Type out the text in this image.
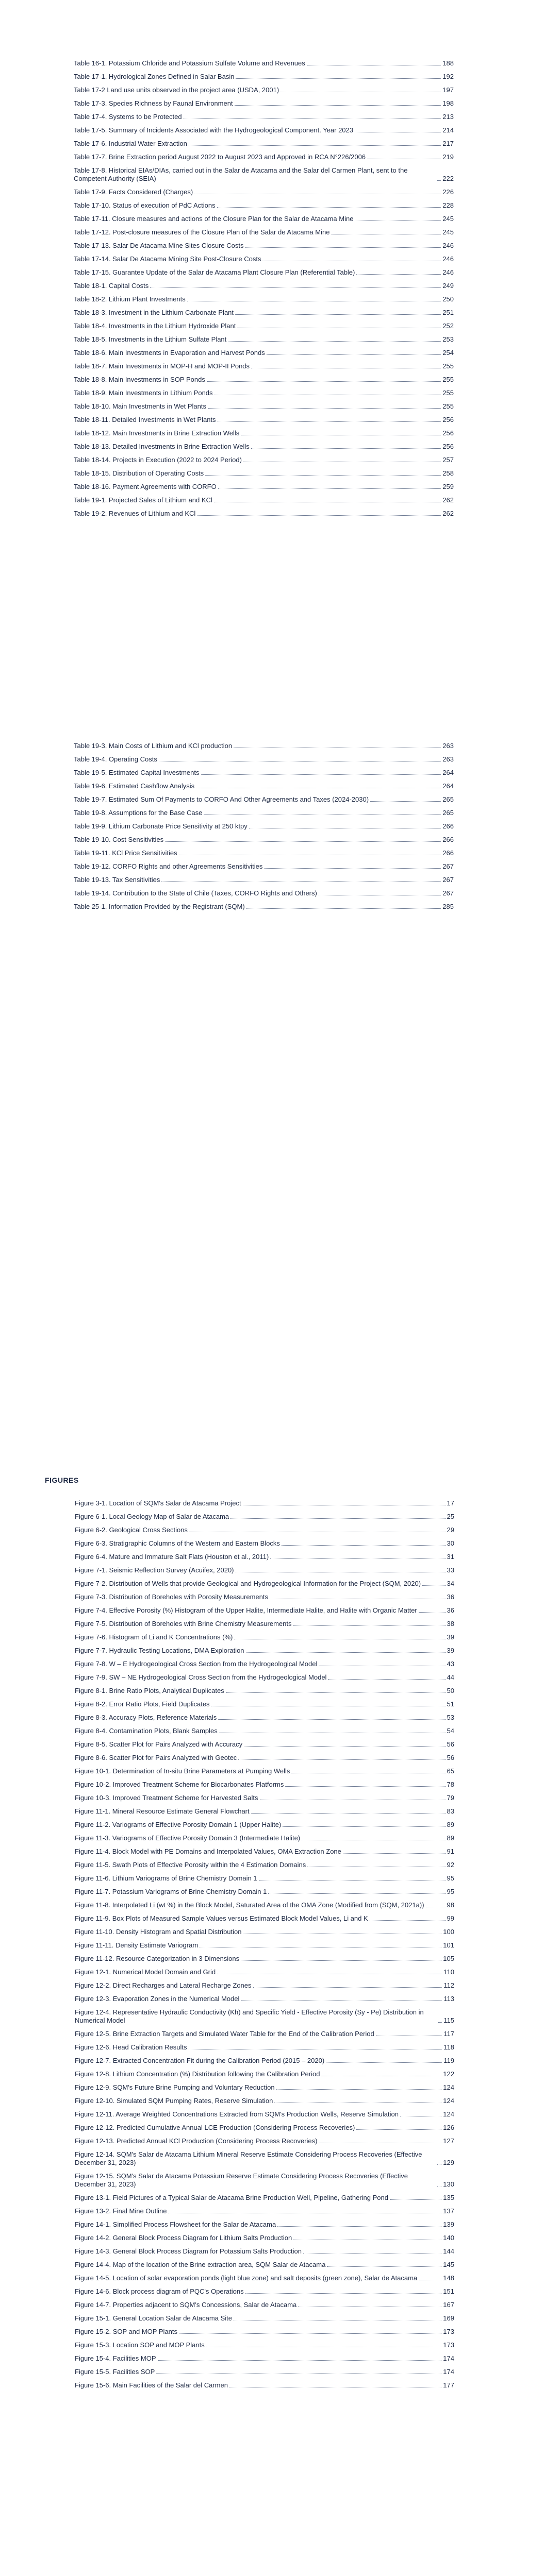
Table 16-1. Potassium Chloride and Potassium Sulfate Volume and Revenues	188
Table 17-1. Hydrological Zones Defined in Salar Basin	192
Table 17-2 Land use units observed in the project area (USDA, 2001)	197
Table 17-3. Species Richness by Faunal Environment	198
Table 17-4. Systems to be Protected	213
Table 17-5. Summary of Incidents Associated with the Hydrogeological Component. Year 2023	214
Table 17-6. Industrial Water Extraction	217
Table 17-7. Brine Extraction period August 2022 to August 2023 and Approved in RCA N°226/2006	219
Table 17-8. Historical EIAs/DIAs, carried out in the Salar de Atacama and the Salar del Carmen Plant, sent to the Competent Authority (SEIA)	222
Table 17-9. Facts Considered (Charges)	226
Table 17-10. Status of execution of PdC Actions	228
Table 17-11. Closure measures and actions of the Closure Plan for the Salar de Atacama Mine	245
Table 17-12. Post-closure measures of the Closure Plan of the Salar de Atacama Mine	245
Table 17-13. Salar De Atacama Mine Sites Closure Costs	246
Table 17-14. Salar De Atacama Mining Site Post-Closure Costs	246
Table 17-15. Guarantee Update of the Salar de Atacama Plant Closure Plan (Referential Table)	246
Table 18-1. Capital Costs	249
Table 18-2. Lithium Plant Investments	250
Table 18-3. Investment in the Lithium Carbonate Plant	251
Table 18-4. Investments in the Lithium Hydroxide Plant	252
Table 18-5. Investments in the Lithium Sulfate Plant	253
Table 18-6. Main Investments in Evaporation and Harvest Ponds	254
Table 18-7. Main Investments in MOP-H and MOP-II Ponds	255
Table 18-8. Main Investments in SOP Ponds	255
Table 18-9. Main Investments in Lithium Ponds	255
Table 18-10. Main Investments in Wet Plants	255
Table 18-11. Detailed Investments in Wet Plants	256
Table 18-12. Main Investments in Brine Extraction Wells	256
Table 18-13. Detailed Investments in Brine Extraction Wells	256
Table 18-14. Projects in Execution (2022 to 2024 Period)	257
Table 18-15. Distribution of Operating Costs	258
Table 18-16. Payment Agreements with CORFO	259
Table 19-1. Projected Sales of Lithium and KCl	262
Table 19-2. Revenues of Lithium and KCl	262
Table 19-3. Main Costs of Lithium and KCl production	263
Table 19-4. Operating Costs	263
Table 19-5. Estimated Capital Investments	264
Table 19-6. Estimated Cashflow Analysis	264
Table 19-7. Estimated Sum Of Payments to CORFO And Other Agreements and Taxes (2024-2030)	265
Table 19-8. Assumptions for the Base Case	265
Table 19-9. Lithium Carbonate Price Sensitivity at 250 ktpy	266
Table 19-10. Cost Sensitivities	266
Table 19-11. KCl Price Sensitivities	266
Table 19-12. CORFO Rights and other Agreements Sensitivities	267
Table 19-13. Tax Sensitivities	267
Table 19-14. Contribution to the State of Chile (Taxes, CORFO Rights and Others)	267
Table 25-1. Information Provided by the Registrant (SQM)	285
FIGURES
Figure 3-1. Location of SQM's Salar de Atacama Project	17
Figure 6-1. Local Geology Map of Salar de Atacama	25
Figure 6-2. Geological Cross Sections	29
Figure 6-3. Stratigraphic Columns of the Western and Eastern Blocks	30
Figure 6-4. Mature and Immature Salt Flats (Houston et al., 2011)	31
Figure 7-1. Seismic Reflection Survey (Acuifex, 2020)	33
Figure 7-2. Distribution of Wells that provide Geological and Hydrogeological Information for the Project (SQM, 2020)	34
Figure 7-3. Distribution of Boreholes with Porosity Measurements	36
Figure 7-4. Effective Porosity (%) Histogram of the Upper Halite, Intermediate Halite, and Halite with Organic Matter	36
Figure 7-5. Distribution of Boreholes with Brine Chemistry Measurements	38
Figure 7-6. Histogram of Li and K Concentrations (%)	39
Figure 7-7. Hydraulic Testing Locations, DMA Exploration	39
Figure 7-8. W – E Hydrogeological Cross Section from the Hydrogeological Model	43
Figure 7-9. SW – NE Hydrogeological Cross Section from the Hydrogeological Model	44
Figure 8-1. Brine Ratio Plots, Analytical Duplicates	50
Figure 8-2. Error Ratio Plots, Field Duplicates	51
Figure 8-3. Accuracy Plots, Reference Materials	53
Figure 8-4. Contamination Plots, Blank Samples	54
Figure 8-5. Scatter Plot for Pairs Analyzed with Accuracy	56
Figure 8-6. Scatter Plot for Pairs Analyzed with Geotec	56
Figure 10-1. Determination of In-situ Brine Parameters at Pumping Wells	65
Figure 10-2. Improved Treatment Scheme for Biocarbonates Platforms	78
Figure 10-3. Improved Treatment Scheme for Harvested Salts	79
Figure 11-1. Mineral Resource Estimate General Flowchart	83
Figure 11-2. Variograms of Effective Porosity Domain 1 (Upper Halite)	89
Figure 11-3. Variograms of Effective Porosity Domain 3 (Intermediate Halite)	89
Figure 11-4. Block Model with PE Domains and Interpolated Values, OMA Extraction Zone	91
Figure 11-5. Swath Plots of Effective Porosity within the 4 Estimation Domains	92
Figure 11-6. Lithium Variograms of Brine Chemistry Domain 1	95
Figure 11-7. Potassium Variograms of Brine Chemistry Domain 1	95
Figure 11-8. Interpolated Li (wt %) in the Block Model, Saturated Area of the OMA Zone (Modified from (SQM, 2021a))	98
Figure 11-9. Box Plots of Measured Sample Values versus Estimated Block Model Values, Li and K	99
Figure 11-10. Density Histogram and Spatial Distribution	100
Figure 11-11. Density Estimate Variogram	101
Figure 11-12. Resource Categorization in 3 Dimensions	105
Figure 12-1. Numerical Model Domain and Grid	110
Figure 12-2. Direct Recharges and Lateral Recharge Zones	112
Figure 12-3. Evaporation Zones in the Numerical Model	113
Figure 12-4. Representative Hydraulic Conductivity (Kh) and Specific Yield - Effective Porosity (Sy - Pe) Distribution in Numerical Model	115
Figure 12-5. Brine Extraction Targets and Simulated Water Table for the End of the Calibration Period	117
Figure 12-6. Head Calibration Results	118
Figure 12-7. Extracted Concentration Fit during the Calibration Period (2015 – 2020)	119
Figure 12-8. Lithium Concentration (%) Distribution following the Calibration Period	122
Figure 12-9. SQM's Future Brine Pumping and Voluntary Reduction	124
Figure 12-10. Simulated SQM Pumping Rates, Reserve Simulation	124
Figure 12-11. Average Weighted Concentrations Extracted from SQM's Production Wells, Reserve Simulation	124
Figure 12-12. Predicted Cumulative Annual LCE Production (Considering Process Recoveries)	126
Figure 12-13. Predicted Annual KCl Production (Considering Process Recoveries)	127
Figure 12-14. SQM's Salar de Atacama Lithium Mineral Reserve Estimate Considering Process Recoveries (Effective December 31, 2023)	129
Figure 12-15. SQM's Salar de Atacama Potassium Reserve Estimate Considering Process Recoveries (Effective December 31, 2023)	130
Figure 13-1. Field Pictures of a Typical Salar de Atacama Brine Production Well, Pipeline, Gathering Pond	135
Figure 13-2. Final Mine Outline	137
Figure 14-1. Simplified Process Flowsheet for the Salar de Atacama	139
Figure 14-2. General Block Process Diagram for Lithium Salts Production	140
Figure 14-3. General Block Process Diagram for Potassium Salts Production	144
Figure 14-4. Map of the location of the Brine extraction area, SQM Salar de Atacama	145
Figure 14-5. Location of solar evaporation ponds (light blue zone) and salt deposits (green zone), Salar de Atacama	148
Figure 14-6. Block process diagram of PQC's Operations	151
Figure 14-7. Properties adjacent to SQM's Concessions, Salar de Atacama	167
Figure 15-1. General Location Salar de Atacama Site	169
Figure 15-2. SOP and MOP Plants	173
Figure 15-3. Location SOP and MOP Plants	173
Figure 15-4. Facilities MOP	174
Figure 15-5. Facilities SOP	174
Figure 15-6. Main Facilities of the Salar del Carmen	177
